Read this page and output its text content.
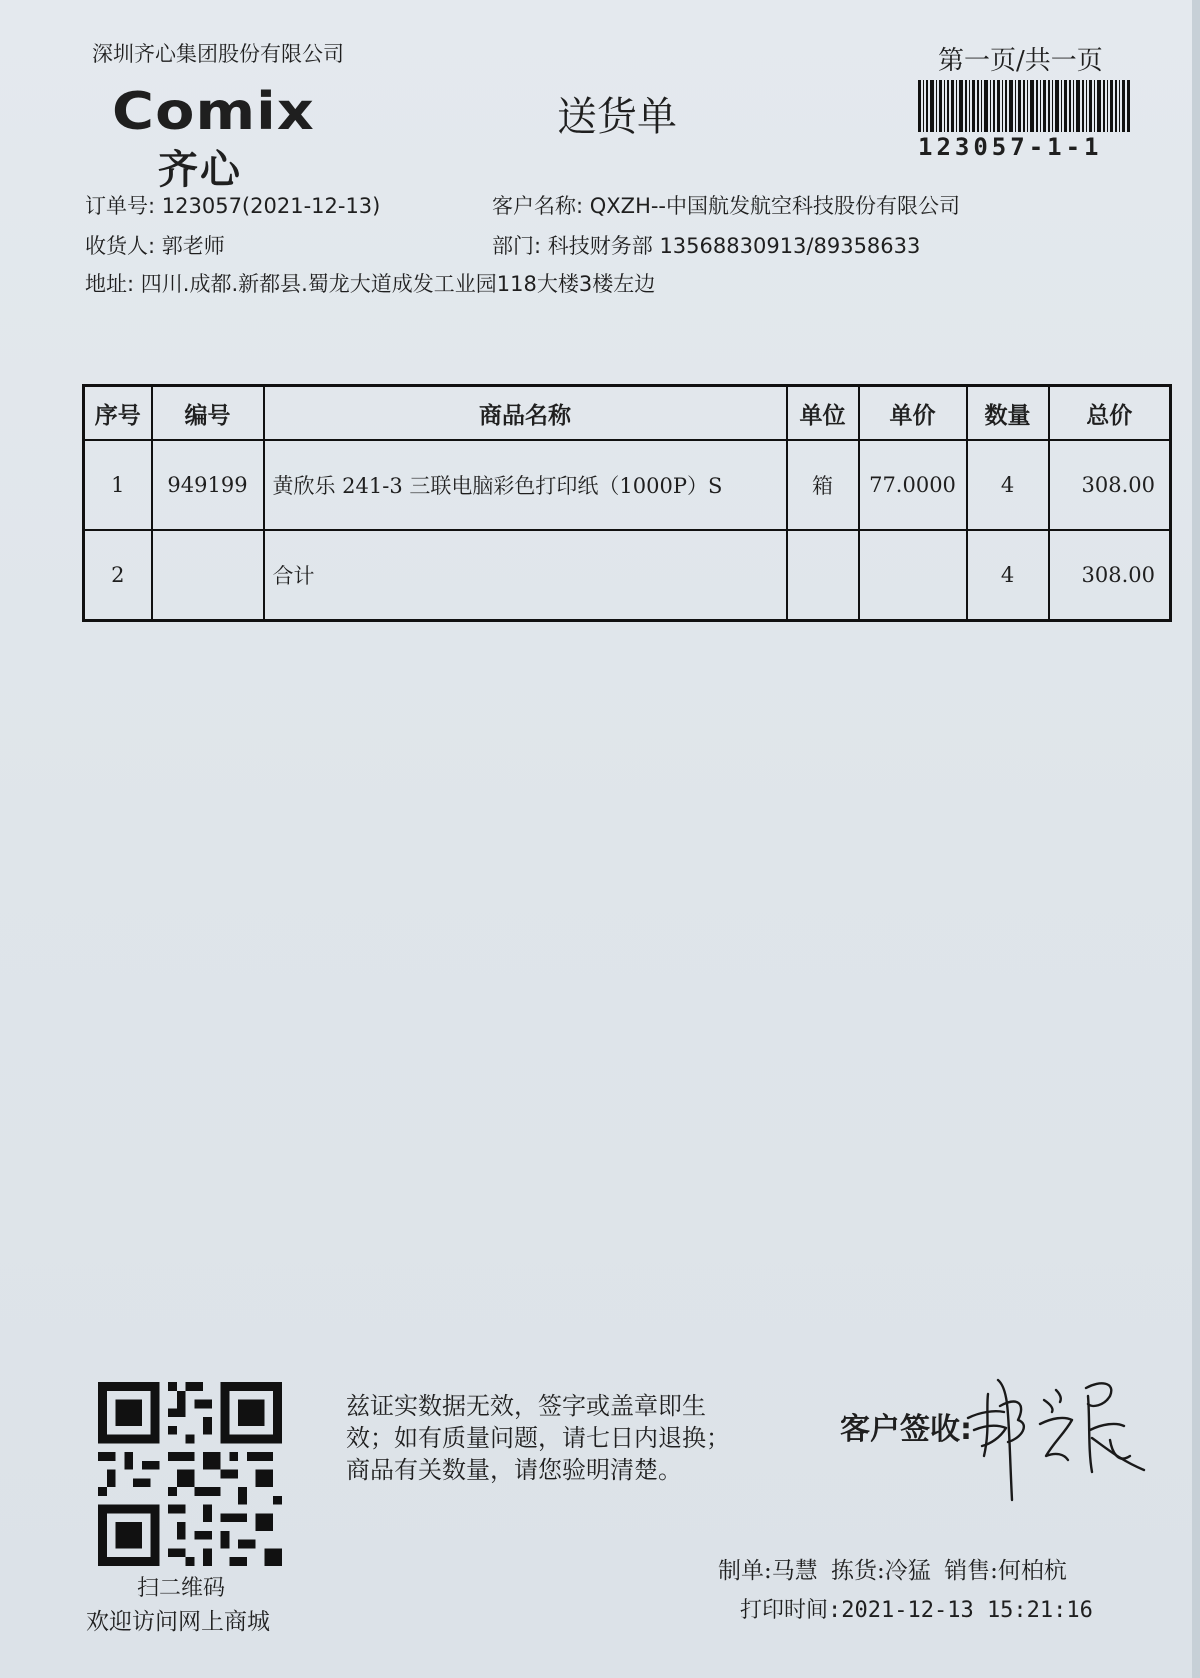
深圳齐心集团股份有限公司	第一页/共一页
Comix
齐心
送货单
123057-1-1
订单号: 123057(2021-12-13)	客户名称: QXZH--中国航发航空科技股份有限公司
收货人: 郭老师	部门: 科技财务部 13568830913/89358633
地址: 四川.成都.新都县.蜀龙大道成发工业园118大楼3楼左边
序号	编号	商品名称	单位	单价	数量	总价
1	949199	黄欣乐 241-3 三联电脑彩色打印纸（1000P）S	箱	77.0000	4	308.00
2		合计			4	308.00
扫二维码
欢迎访问网上商城
兹证实数据无效，签字或盖章即生效；如有质量问题，请七日内退换；商品有关数量，请您验明清楚。
客户签收:
制单:马慧 拣货:冷猛 销售:何柏杭
打印时间:2021-12-13 15:21:16
